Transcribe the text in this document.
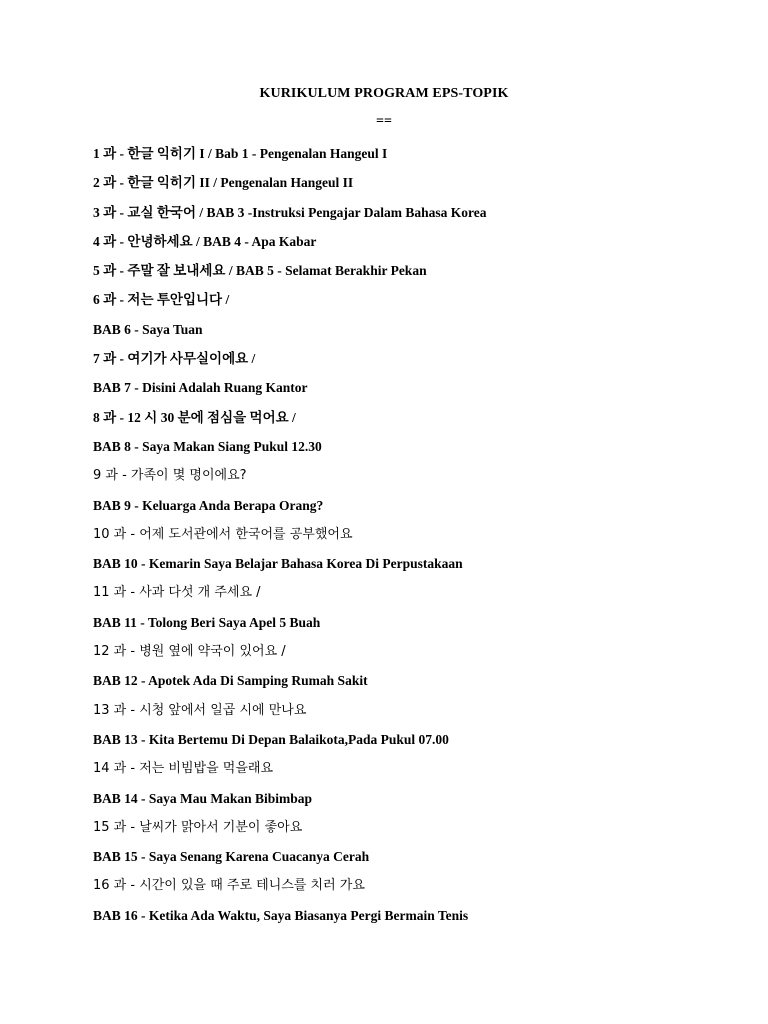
KURIKULUM PROGRAM EPS-TOPIK
==
1 과 - 한글 익히기 I / Bab 1 - Pengenalan Hangeul I
2 과 - 한글 익히기 II / Pengenalan Hangeul II
3 과 - 교실 한국어 / BAB 3 -Instruksi Pengajar Dalam Bahasa Korea
4 과 - 안녕하세요 / BAB 4 - Apa Kabar
5 과 - 주말 잘 보내세요 / BAB 5 - Selamat Berakhir Pekan
6 과 - 저는 투안입니다 /
BAB 6 - Saya Tuan
7 과 - 여기가 사무실이에요 /
BAB 7 - Disini Adalah Ruang Kantor
8 과 - 12 시 30 분에 점심을 먹어요 /
BAB 8 - Saya Makan Siang Pukul 12.30
9 과 - 가족이 몇 명이에요?
BAB 9 - Keluarga Anda Berapa Orang?
10 과 - 어제 도서관에서 한국어를 공부했어요
BAB 10 - Kemarin Saya Belajar Bahasa Korea Di Perpustakaan
11 과 - 사과 다섯 개 주세요 /
BAB 11 - Tolong Beri Saya Apel 5 Buah
12 과 - 병원 옆에 약국이 있어요 /
BAB 12 - Apotek Ada Di Samping Rumah Sakit
13 과 - 시청 앞에서 일곱 시에 만나요
BAB 13 - Kita Bertemu Di Depan Balaikota,Pada Pukul 07.00
14 과 - 저는 비빔밥을 먹을래요
BAB 14 - Saya Mau Makan Bibimbap
15 과 - 날씨가 맑아서 기분이 좋아요
BAB 15 - Saya Senang Karena Cuacanya Cerah
16 과 - 시간이 있을 때 주로 테니스를 치러 가요
BAB 16 - Ketika Ada Waktu, Saya Biasanya Pergi Bermain Tenis
